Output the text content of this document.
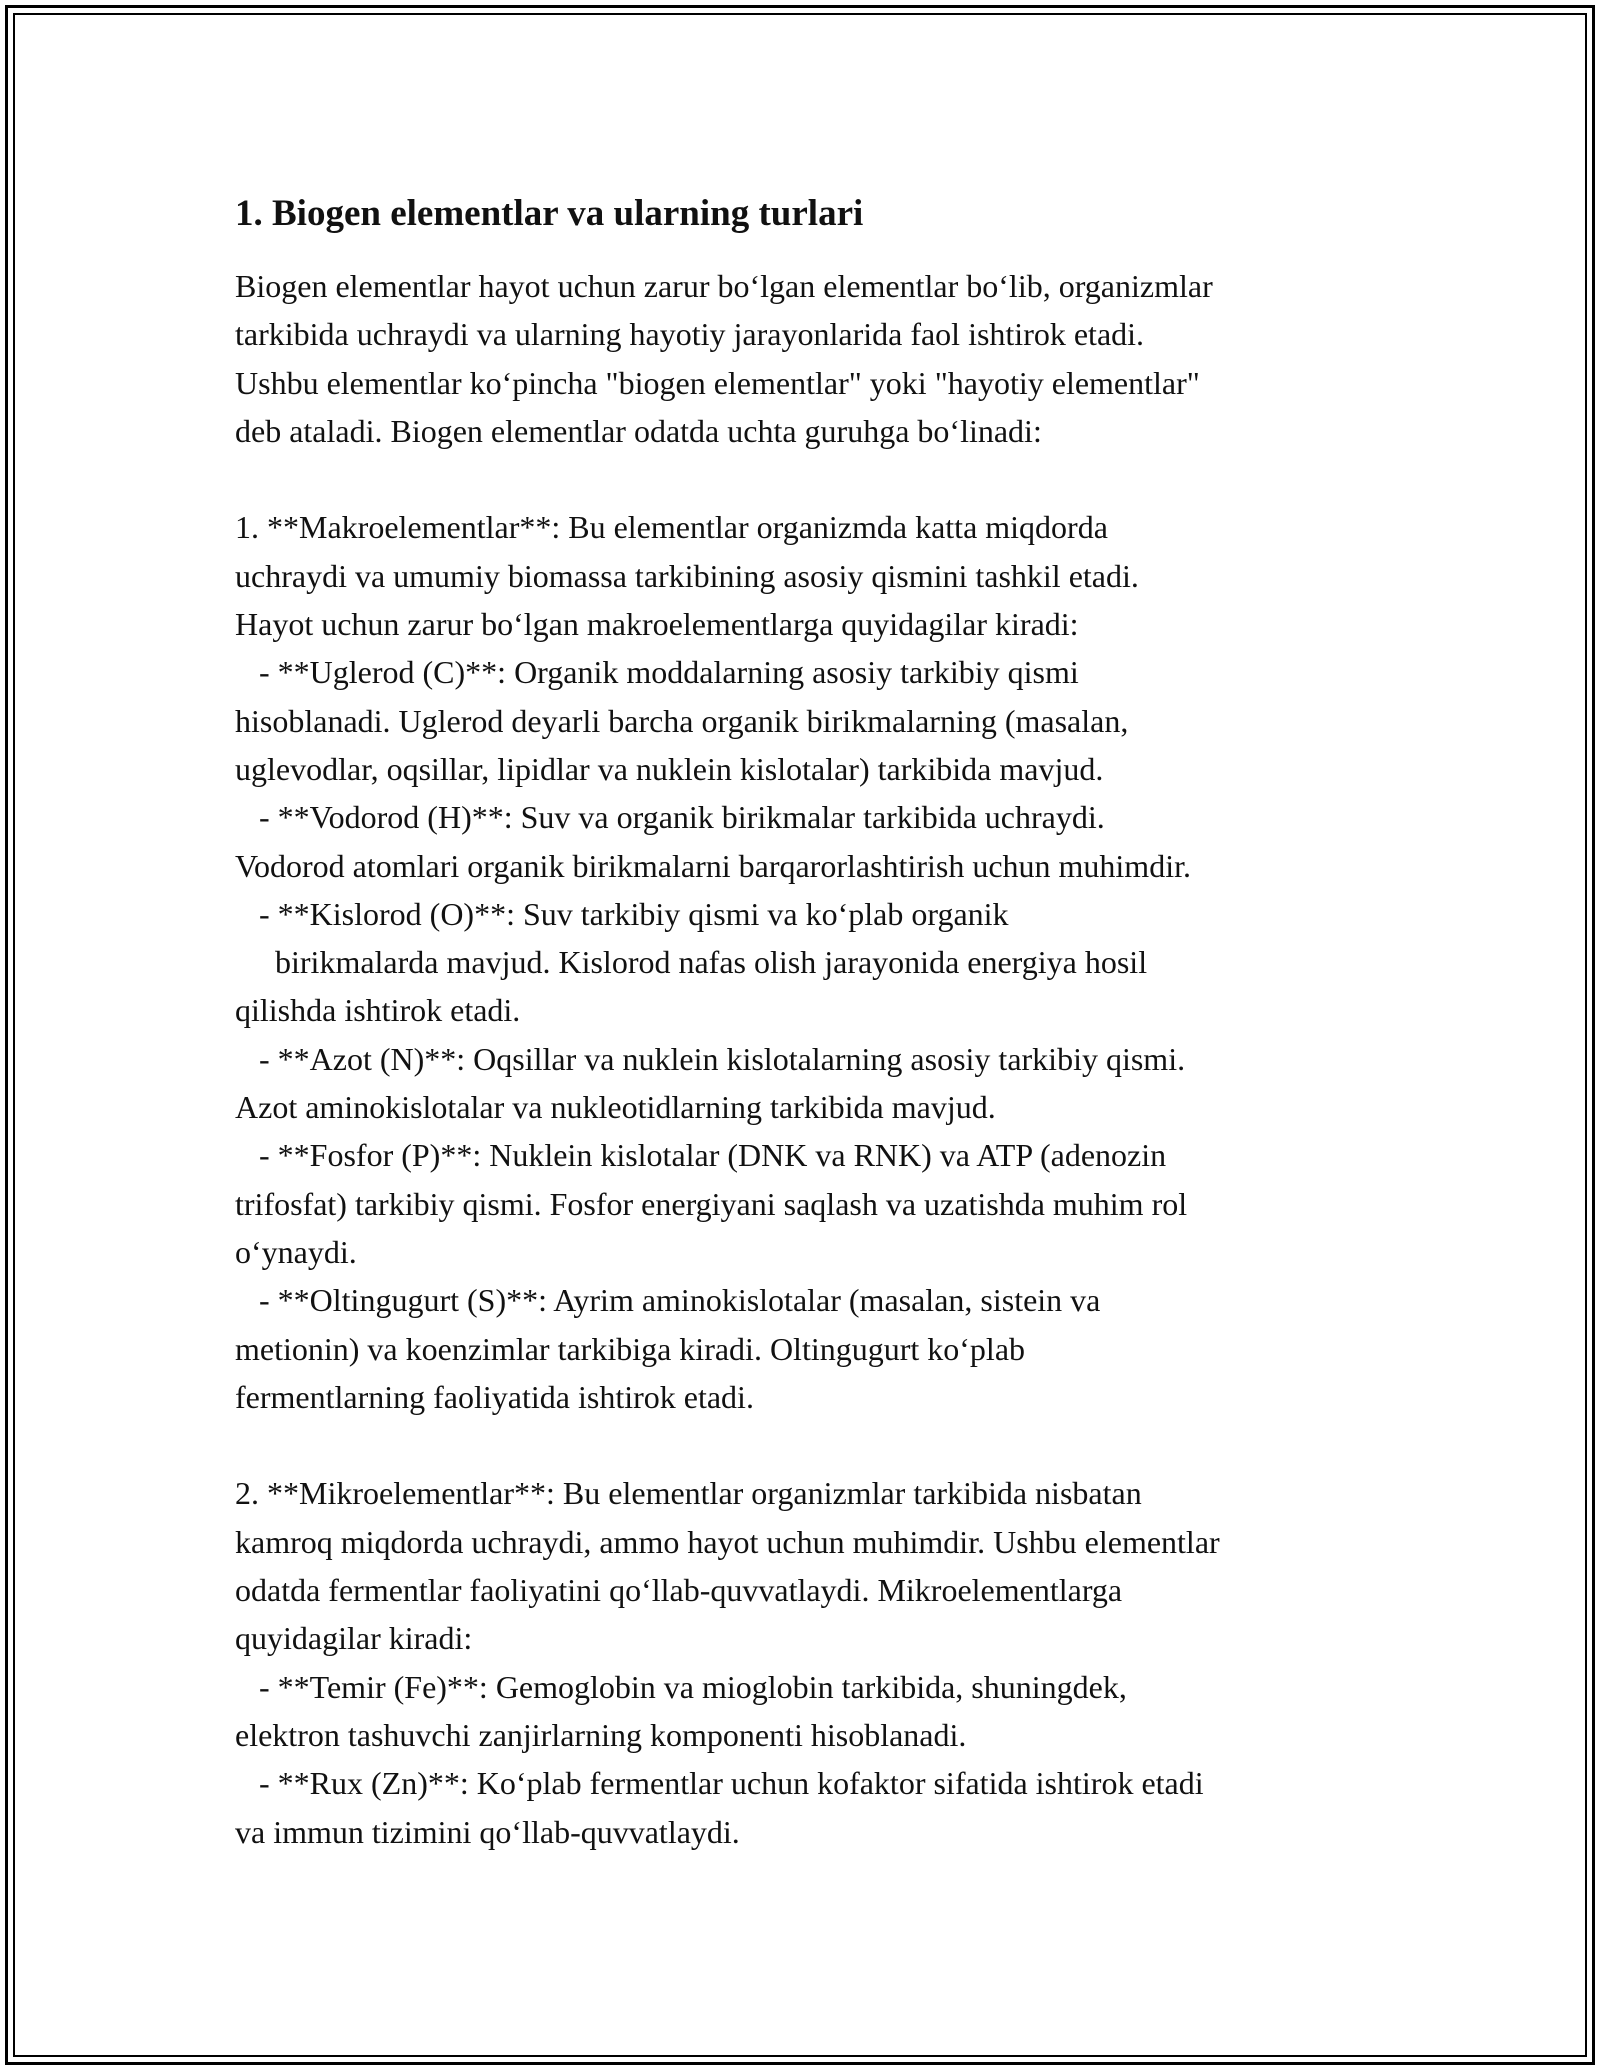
1. Biogen elementlar va ularning turlari
Biogen elementlar hayot uchun zarur boʻlgan elementlar boʻlib, organizmlar
tarkibida uchraydi va ularning hayotiy jarayonlarida faol ishtirok etadi.
Ushbu elementlar koʻpincha "biogen elementlar" yoki "hayotiy elementlar"
deb ataladi. Biogen elementlar odatda uchta guruhga boʻlinadi:
1. **Makroelementlar**: Bu elementlar organizmda katta miqdorda
uchraydi va umumiy biomassa tarkibining asosiy qismini tashkil etadi.
Hayot uchun zarur boʻlgan makroelementlarga quyidagilar kiradi:
- **Uglerod (C)**: Organik moddalarning asosiy tarkibiy qismi
hisoblanadi. Uglerod deyarli barcha organik birikmalarning (masalan,
uglevodlar, oqsillar, lipidlar va nuklein kislotalar) tarkibida mavjud.
- **Vodorod (H)**: Suv va organik birikmalar tarkibida uchraydi.
Vodorod atomlari organik birikmalarni barqarorlashtirish uchun muhimdir.
- **Kislorod (O)**: Suv tarkibiy qismi va koʻplab organik
birikmalarda mavjud. Kislorod nafas olish jarayonida energiya hosil
qilishda ishtirok etadi.
- **Azot (N)**: Oqsillar va nuklein kislotalarning asosiy tarkibiy qismi.
Azot aminokislotalar va nukleotidlarning tarkibida mavjud.
- **Fosfor (P)**: Nuklein kislotalar (DNK va RNK) va ATP (adenozin
trifosfat) tarkibiy qismi. Fosfor energiyani saqlash va uzatishda muhim rol
oʻynaydi.
- **Oltingugurt (S)**: Ayrim aminokislotalar (masalan, sistein va
metionin) va koenzimlar tarkibiga kiradi. Oltingugurt koʻplab
fermentlarning faoliyatida ishtirok etadi.
2. **Mikroelementlar**: Bu elementlar organizmlar tarkibida nisbatan
kamroq miqdorda uchraydi, ammo hayot uchun muhimdir. Ushbu elementlar
odatda fermentlar faoliyatini qoʻllab-quvvatlaydi. Mikroelementlarga
quyidagilar kiradi:
- **Temir (Fe)**: Gemoglobin va mioglobin tarkibida, shuningdek,
elektron tashuvchi zanjirlarning komponenti hisoblanadi.
- **Rux (Zn)**: Koʻplab fermentlar uchun kofaktor sifatida ishtirok etadi
va immun tizimini qoʻllab-quvvatlaydi.
